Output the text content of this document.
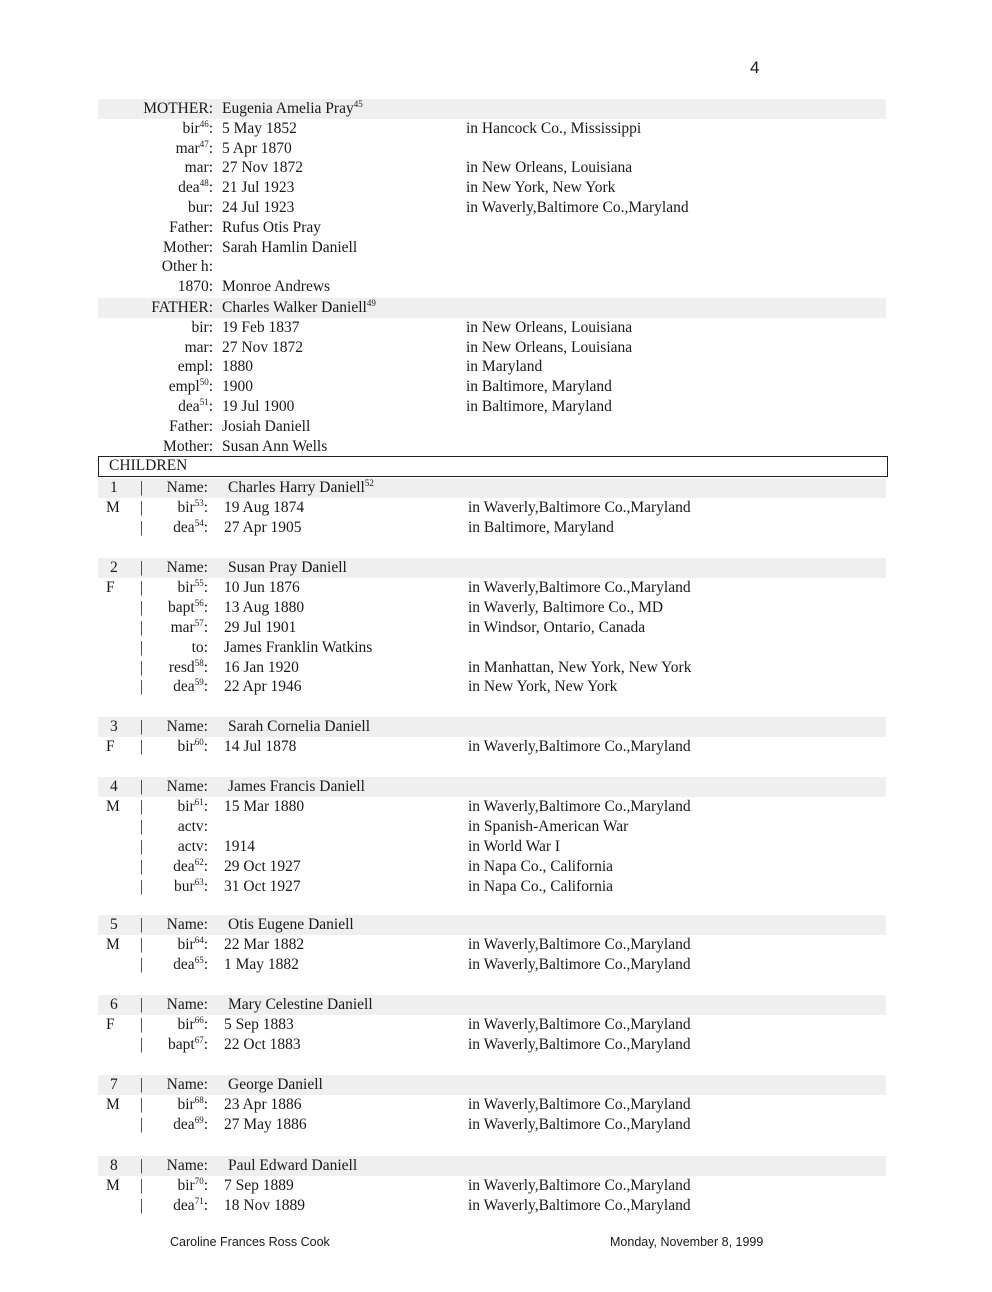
4
MOTHER: Eugenia Amelia Pray$^{45}$
bir$^{46}$: 5 May 1852	in Hancock Co., Mississippi
mar$^{47}$: 5 Apr 1870
mar: 27 Nov 1872	in New Orleans, Louisiana
dea$^{48}$: 21 Jul 1923	in New York, New York
bur: 24 Jul 1923	in Waverly,Baltimore Co.,Maryland
Father: Rufus Otis Pray
Mother: Sarah Hamlin Daniell
Other h:
1870: Monroe Andrews
FATHER: Charles Walker Daniell$^{49}$
bir: 19 Feb 1837	in New Orleans, Louisiana
mar: 27 Nov 1872	in New Orleans, Louisiana
empl: 1880	in Maryland
empl$^{50}$: 1900	in Baltimore, Maryland
dea$^{51}$: 19 Jul 1900	in Baltimore, Maryland
Father: Josiah Daniell
Mother: Susan Ann Wells
CHILDREN
1 | Name: Charles Harry Daniell$^{52}$
M | bir$^{53}$: 19 Aug 1874	in Waverly,Baltimore Co.,Maryland
| dea$^{54}$: 27 Apr 1905	in Baltimore, Maryland
2 | Name: Susan Pray Daniell
F | bir$^{55}$: 10 Jun 1876	in Waverly,Baltimore Co.,Maryland
| bapt$^{56}$: 13 Aug 1880	in Waverly, Baltimore Co., MD
| mar$^{57}$: 29 Jul 1901	in Windsor, Ontario, Canada
|	to: James Franklin Watkins
| resd$^{58}$: 16 Jan 1920	in Manhattan, New York, New York
| dea$^{59}$: 22 Apr 1946	in New York, New York
3 | Name: Sarah Cornelia Daniell
F | bir$^{60}$: 14 Jul 1878	in Waverly,Baltimore Co.,Maryland
4 | Name: James Francis Daniell
M | bir$^{61}$: 15 Mar 1880	in Waverly,Baltimore Co.,Maryland
| actv:	in Spanish-American War
| actv: 1914	in World War I
| dea$^{62}$: 29 Oct 1927	in Napa Co., California
| bur$^{63}$: 31 Oct 1927	in Napa Co., California
5 | Name: Otis Eugene Daniell
M | bir$^{64}$: 22 Mar 1882	in Waverly,Baltimore Co.,Maryland
| dea$^{65}$: 1 May 1882	in Waverly,Baltimore Co.,Maryland
6 | Name: Mary Celestine Daniell
F | bir$^{66}$: 5 Sep 1883	in Waverly,Baltimore Co.,Maryland
| bapt$^{67}$: 22 Oct 1883	in Waverly,Baltimore Co.,Maryland
7 | Name: George Daniell
M | bir$^{68}$: 23 Apr 1886	in Waverly,Baltimore Co.,Maryland
| dea$^{69}$: 27 May 1886	in Waverly,Baltimore Co.,Maryland
8 | Name: Paul Edward Daniell
M | bir$^{70}$: 7 Sep 1889	in Waverly,Baltimore Co.,Maryland
| dea$^{71}$: 18 Nov 1889	in Waverly,Baltimore Co.,Maryland
Caroline Frances Ross Cook	Monday, November 8, 1999
